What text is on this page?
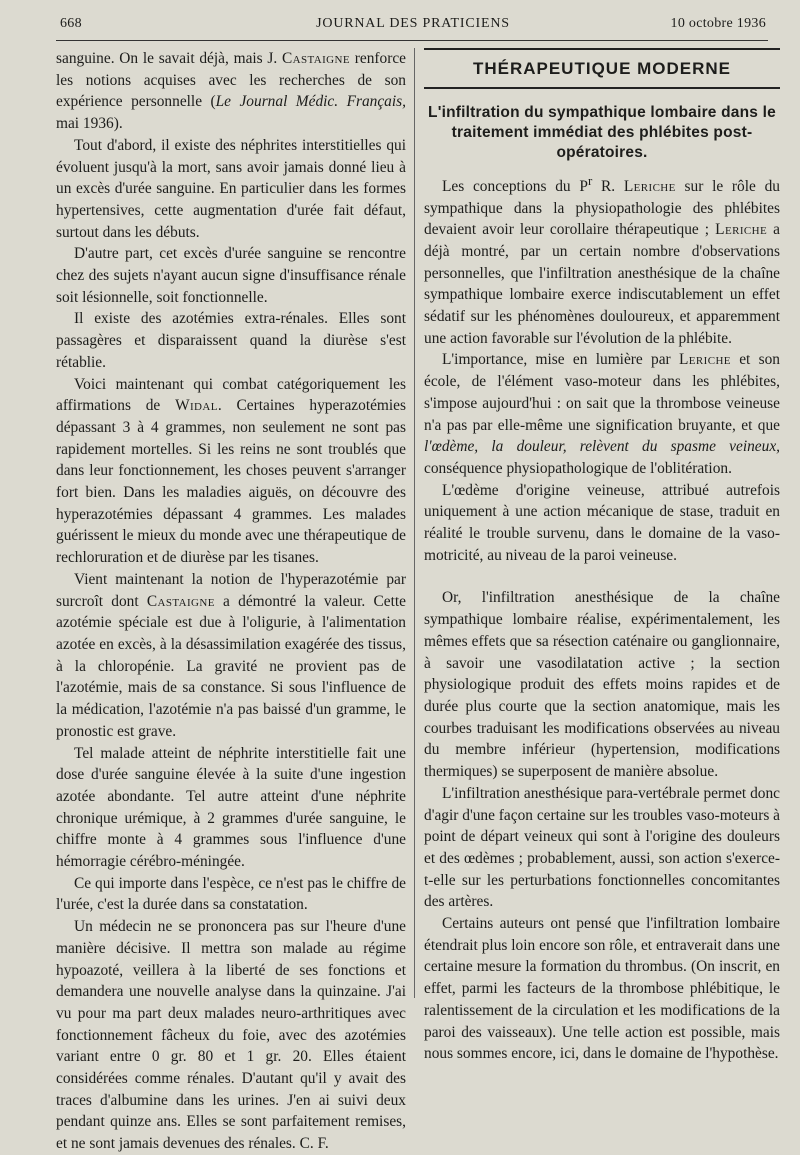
668	JOURNAL DES PRATICIENS	10 octobre 1936

sanguine. On le savait déjà, mais J. Castaigne renforce les notions acquises avec les recherches de son expérience personnelle (Le Journal Médic. Français, mai 1936).

Tout d'abord, il existe des néphrites interstitielles qui évoluent jusqu'à la mort, sans avoir jamais donné lieu à un excès d'urée sanguine. En particulier dans les formes hypertensives, cette augmentation d'urée fait défaut, surtout dans les débuts.

D'autre part, cet excès d'urée sanguine se rencontre chez des sujets n'ayant aucun signe d'insuffisance rénale soit lésionnelle, soit fonctionnelle.

Il existe des azotémies extra-rénales. Elles sont passagères et disparaissent quand la diurèse s'est rétablie.

Voici maintenant qui combat catégoriquement les affirmations de Widal. Certaines hyperazotémies dépassant 3 à 4 grammes, non seulement ne sont pas rapidement mortelles. Si les reins ne sont troublés que dans leur fonctionnement, les choses peuvent s'arranger fort bien. Dans les maladies aiguës, on découvre des hyperazotémies dépassant 4 grammes. Les malades guérissent le mieux du monde avec une thérapeutique de rechloruration et de diurèse par les tisanes.

Vient maintenant la notion de l'hyperazotémie par surcroît dont Castaigne a démontré la valeur. Cette azotémie spéciale est due à l'oligurie, à l'alimentation azotée en excès, à la désassimilation exagérée des tissus, à la chloropénie. La gravité ne provient pas de l'azotémie, mais de sa constance. Si sous l'influence de la médication, l'azotémie n'a pas baissé d'un gramme, le pronostic est grave.

Tel malade atteint de néphrite interstitielle fait une dose d'urée sanguine élevée à la suite d'une ingestion azotée abondante. Tel autre atteint d'une néphrite chronique urémique, à 2 grammes d'urée sanguine, le chiffre monte à 4 grammes sous l'influence d'une hémorragie cérébro-méningée.

Ce qui importe dans l'espèce, ce n'est pas le chiffre de l'urée, c'est la durée dans sa constatation.

Un médecin ne se prononcera pas sur l'heure d'une manière décisive. Il mettra son malade au régime hypoazoté, veillera à la liberté de ses fonctions et demandera une nouvelle analyse dans la quinzaine. J'ai vu pour ma part deux malades neuro-arthritiques avec fonctionnement fâcheux du foie, avec des azotémies variant entre 0 gr. 80 et 1 gr. 20. Elles étaient considérées comme rénales. D'autant qu'il y avait des traces d'albumine dans les urines. J'en ai suivi deux pendant quinze ans. Elles se sont parfaitement remises, et ne sont jamais devenues des rénales. C. F.

THÉRAPEUTIQUE MODERNE
L'infiltration du sympathique lombaire dans le traitement immédiat des phlébites post-opératoires.

Les conceptions du $P^r$ R. Leriche sur le rôle du sympathique dans la physiopathologie des phlébites devaient avoir leur corollaire thérapeutique ; Leriche a déjà montré, par un certain nombre d'observations personnelles, que l'infiltration anesthésique de la chaîne sympathique lombaire exerce indiscutablement un effet sédatif sur les phénomènes douloureux, et apparemment une action favorable sur l'évolution de la phlébite.

L'importance, mise en lumière par Leriche et son école, de l'élément vaso-moteur dans les phlébites, s'impose aujourd'hui : on sait que la thrombose veineuse n'a pas par elle-même une signification bruyante, et que l'œdème, la douleur, relèvent du spasme veineux, conséquence physiopathologique de l'oblitération.

L'œdème d'origine veineuse, attribué autrefois uniquement à une action mécanique de stase, traduit en réalité le trouble survenu, dans le domaine de la vaso-motricité, au niveau de la paroi veineuse.

Or, l'infiltration anesthésique de la chaîne sympathique lombaire réalise, expérimentalement, les mêmes effets que sa résection caténaire ou ganglionnaire, à savoir une vasodilatation active ; la section physiologique produit des effets moins rapides et de durée plus courte que la section anatomique, mais les courbes traduisant les modifications observées au niveau du membre inférieur (hypertension, modifications thermiques) se superposent de manière absolue.

L'infiltration anesthésique para-vertébrale permet donc d'agir d'une façon certaine sur les troubles vaso-moteurs à point de départ veineux qui sont à l'origine des douleurs et des œdèmes ; probablement, aussi, son action s'exerce-t-elle sur les perturbations fonctionnelles concomitantes des artères.

Certains auteurs ont pensé que l'infiltration lombaire étendrait plus loin encore son rôle, et entraverait dans une certaine mesure la formation du thrombus. (On inscrit, en effet, parmi les facteurs de la thrombose phlébitique, le ralentissement de la circulation et les modifications de la paroi des vaisseaux). Une telle action est possible, mais nous sommes encore, ici, dans le domaine de l'hypothèse.
